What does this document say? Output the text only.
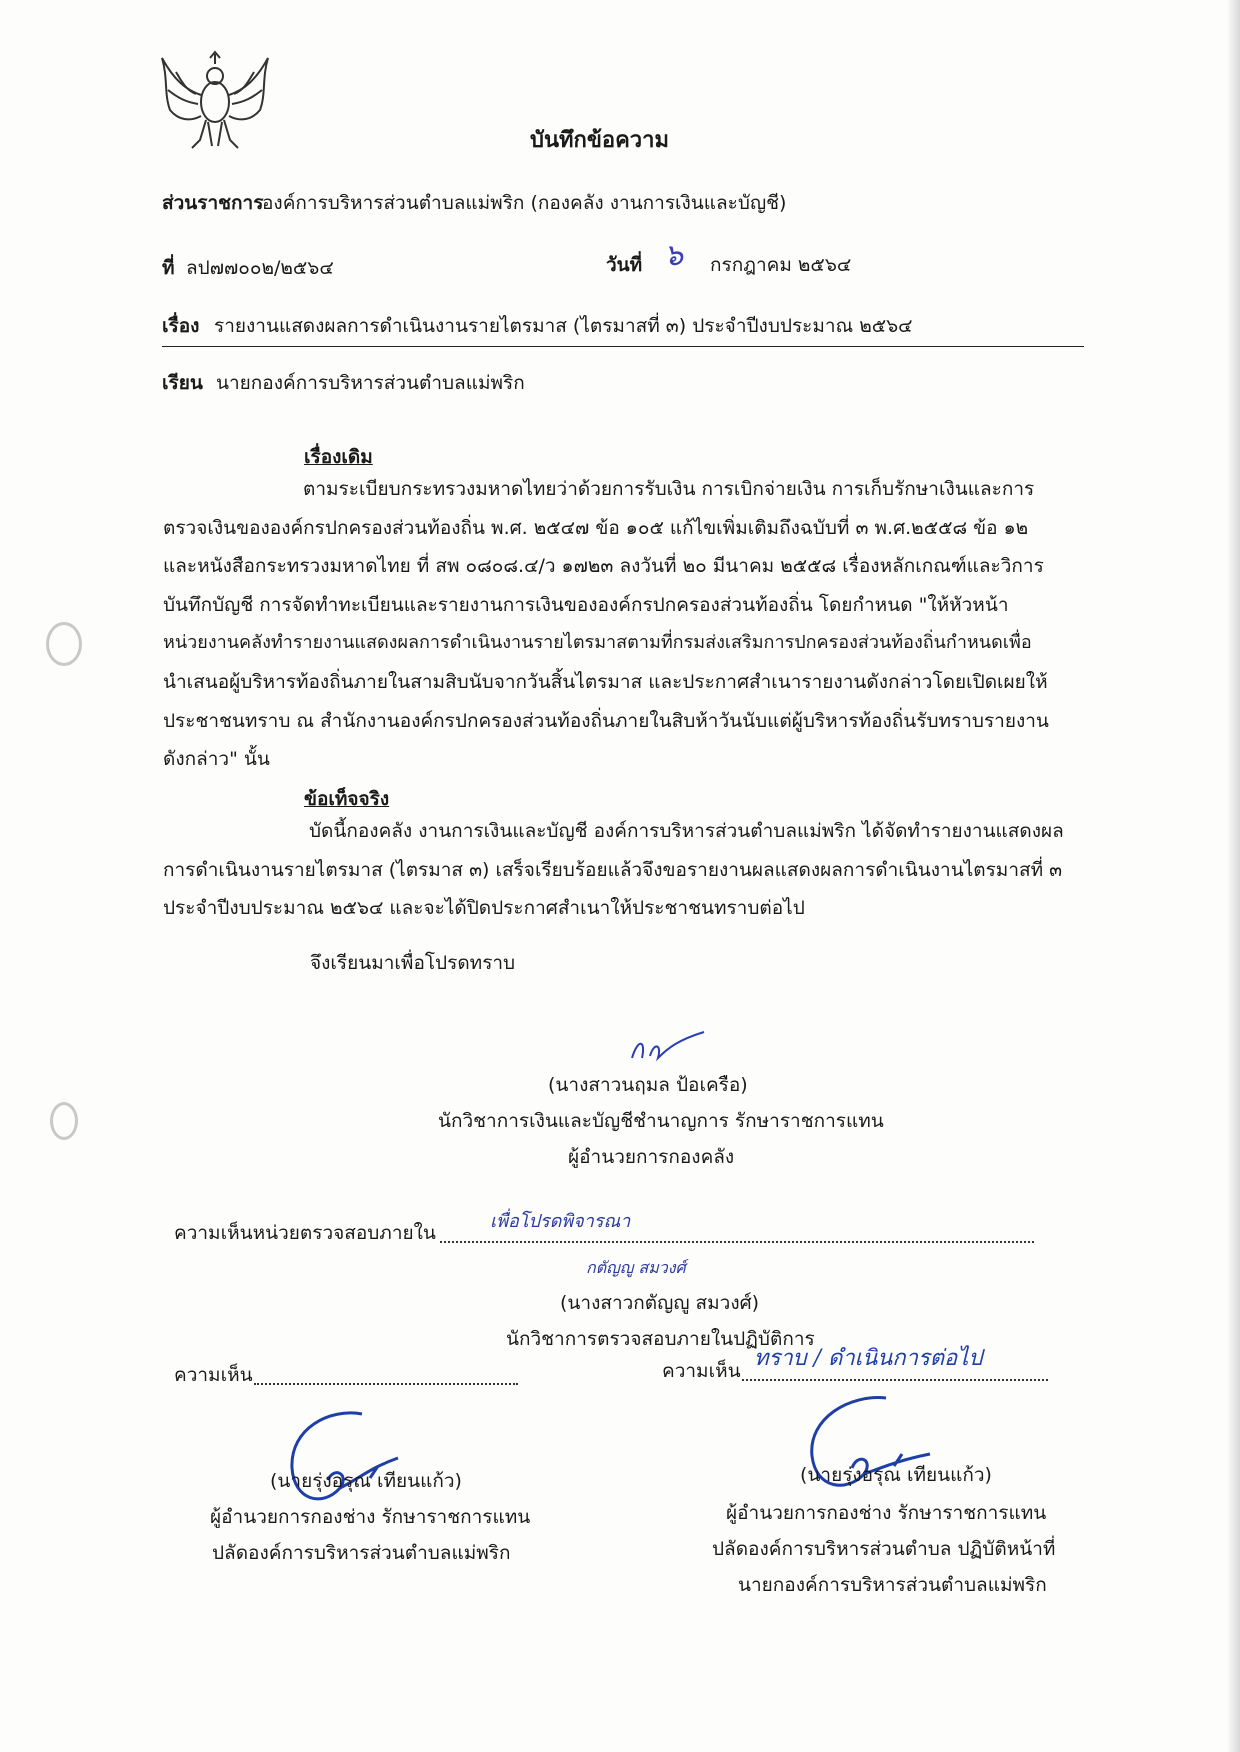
บันทึกข้อความ
ส่วนราชการ
องค์การบริหารส่วนตำบลแม่พริก (กองคลัง งานการเงินและบัญชี)
ที่ ลป๗๗๐๐๒/๒๕๖๔	วันที่ ๖ กรกฎาคม ๒๕๖๔
เรื่อง รายงานแสดงผลการดำเนินงานรายไตรมาส (ไตรมาสที่ ๓) ประจำปีงบประมาณ ๒๕๖๔
เรียน นายกองค์การบริหารส่วนตำบลแม่พริก
เรื่องเดิม
ตามระเบียบกระทรวงมหาดไทยว่าด้วยการรับเงิน การเบิกจ่ายเงิน การเก็บรักษาเงินและการ
ตรวจเงินขององค์กรปกครองส่วนท้องถิ่น พ.ศ. ๒๕๔๗ ข้อ ๑๐๕ แก้ไขเพิ่มเติมถึงฉบับที่ ๓ พ.ศ.๒๕๕๘ ข้อ ๑๒
และหนังสือกระทรวงมหาดไทย ที่ สพ ๐๘๐๘.๔/ว ๑๗๒๓ ลงวันที่ ๒๐ มีนาคม ๒๕๕๘ เรื่องหลักเกณฑ์และวิการ
บันทึกบัญชี การจัดทำทะเบียนและรายงานการเงินขององค์กรปกครองส่วนท้องถิ่น โดยกำหนด "ให้หัวหน้า
หน่วยงานคลังทำรายงานแสดงผลการดำเนินงานรายไตรมาสตามที่กรมส่งเสริมการปกครองส่วนท้องถิ่นกำหนดเพื่อ
นำเสนอผู้บริหารท้องถิ่นภายในสามสิบนับจากวันสิ้นไตรมาส และประกาศสำเนารายงานดังกล่าวโดยเปิดเผยให้
ประชาชนทราบ ณ สำนักงานองค์กรปกครองส่วนท้องถิ่นภายในสิบห้าวันนับแต่ผู้บริหารท้องถิ่นรับทราบรายงาน
ดังกล่าว" นั้น
ข้อเท็จจริง
บัดนี้กองคลัง งานการเงินและบัญชี องค์การบริหารส่วนตำบลแม่พริก ได้จัดทำรายงานแสดงผล
การดำเนินงานรายไตรมาส (ไตรมาส ๓) เสร็จเรียบร้อยแล้วจึงขอรายงานผลแสดงผลการดำเนินงานไตรมาสที่ ๓
ประจำปีงบประมาณ ๒๕๖๔ และจะได้ปิดประกาศสำเนาให้ประชาชนทราบต่อไป
จึงเรียนมาเพื่อโปรดทราบ
(นางสาวนฤมล ป้อเครือ)
นักวิชาการเงินและบัญชีชำนาญการ รักษาราชการแทน
ผู้อำนวยการกองคลัง
ความเห็นหน่วยตรวจสอบภายใน
เพื่อโปรดพิจารณา
กตัญญู สมวงศ์
(นางสาวกตัญญู สมวงศ์)
นักวิชาการตรวจสอบภายในปฏิบัติการ
ความเห็น
(นายรุ่งอรุณ เทียนแก้ว)
ผู้อำนวยการกองช่าง รักษาราชการแทน
ปลัดองค์การบริหารส่วนตำบลแม่พริก
ความเห็น ทราบ / ดำเนินการต่อไป
(นายรุ่งอรุณ เทียนแก้ว)
ผู้อำนวยการกองช่าง รักษาราชการแทน
ปลัดองค์การบริหารส่วนตำบล ปฏิบัติหน้าที่
นายกองค์การบริหารส่วนตำบลแม่พริก
